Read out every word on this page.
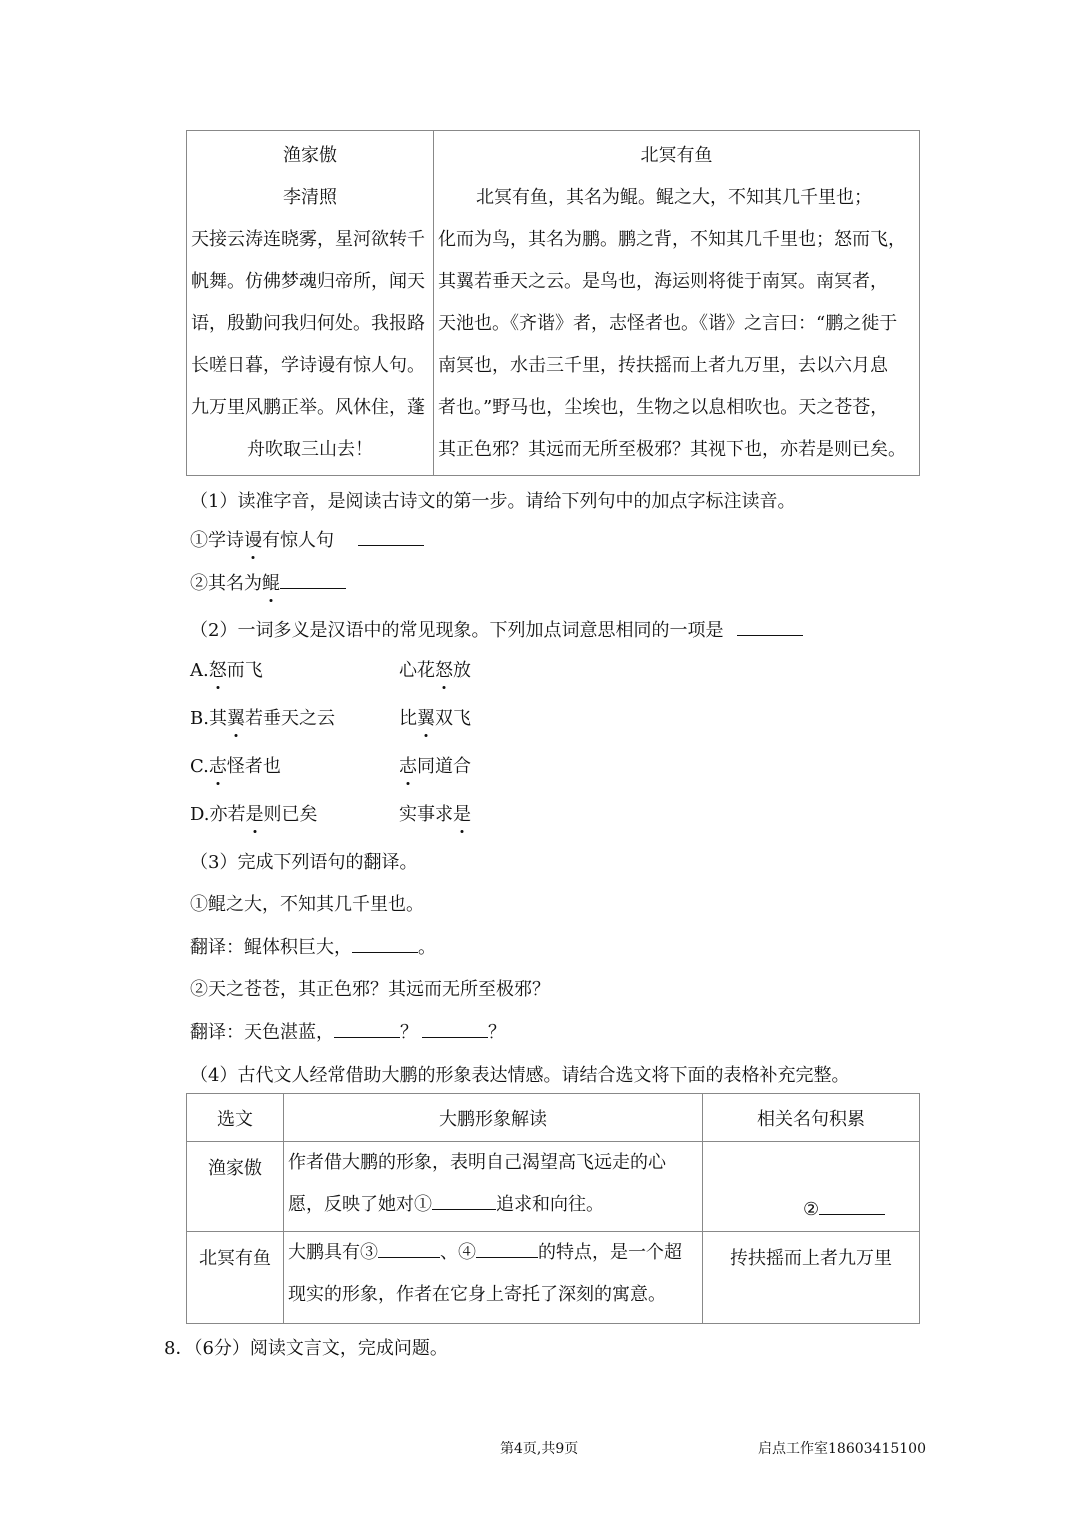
渔家傲
李清照
天接云涛连晓雾，星河欲转千
帆舞。仿佛梦魂归帝所，闻天
语，殷勤问我归何处。我报路
长嗟日暮，学诗谩有惊人句。
九万里风鹏正举。风休住，蓬
舟吹取三山去！

北冥有鱼
北冥有鱼，其名为鲲。鲲之大，不知其几千里也；
化而为鸟，其名为鹏。鹏之背，不知其几千里也；怒而飞，
其翼若垂天之云。是鸟也，海运则将徙于南冥。南冥者，
天池也。《齐谐》者，志怪者也。《谐》之言曰：“鹏之徙于
南冥也，水击三千里，抟扶摇而上者九万里，去以六月息
者也。”野马也，尘埃也，生物之以息相吹也。天之苍苍，
其正色邪？其远而无所至极邪？其视下也，亦若是则已矣。
（1）读准字音，是阅读古诗文的第一步。请给下列句中的加点字标注读音。
①学诗谩有惊人句
②其名为鲲
（2）一词多义是汉语中的常见现象。下列加点词意思相同的一项是
A.怒而飞	心花怒放
B.其翼若垂天之云	比翼双飞
C.志怪者也	志同道合
D.亦若是则已矣	实事求是
（3）完成下列语句的翻译。
①鲲之大，不知其几千里也。
翻译：鲲体积巨大，	。
②天之苍苍，其正色邪？其远而无所至极邪？
翻译：天色湛蓝，	？	？
（4）古代文人经常借助大鹏的形象表达情感。请结合选文将下面的表格补充完整。
选文	大鹏形象解读	相关名句积累
渔家傲	作者借大鹏的形象，表明自己渴望高飞远走的心
愿，反映了她对① 追求和向往。	②

北冥有鱼	大鹏具有③ 、④ 的特点，是一个超
现实的形象，作者在它身上寄托了深刻的寓意。	抟扶摇而上者九万里
8．（6分）阅读文言文，完成问题。
第4页,共9页	启点工作室18603415100
